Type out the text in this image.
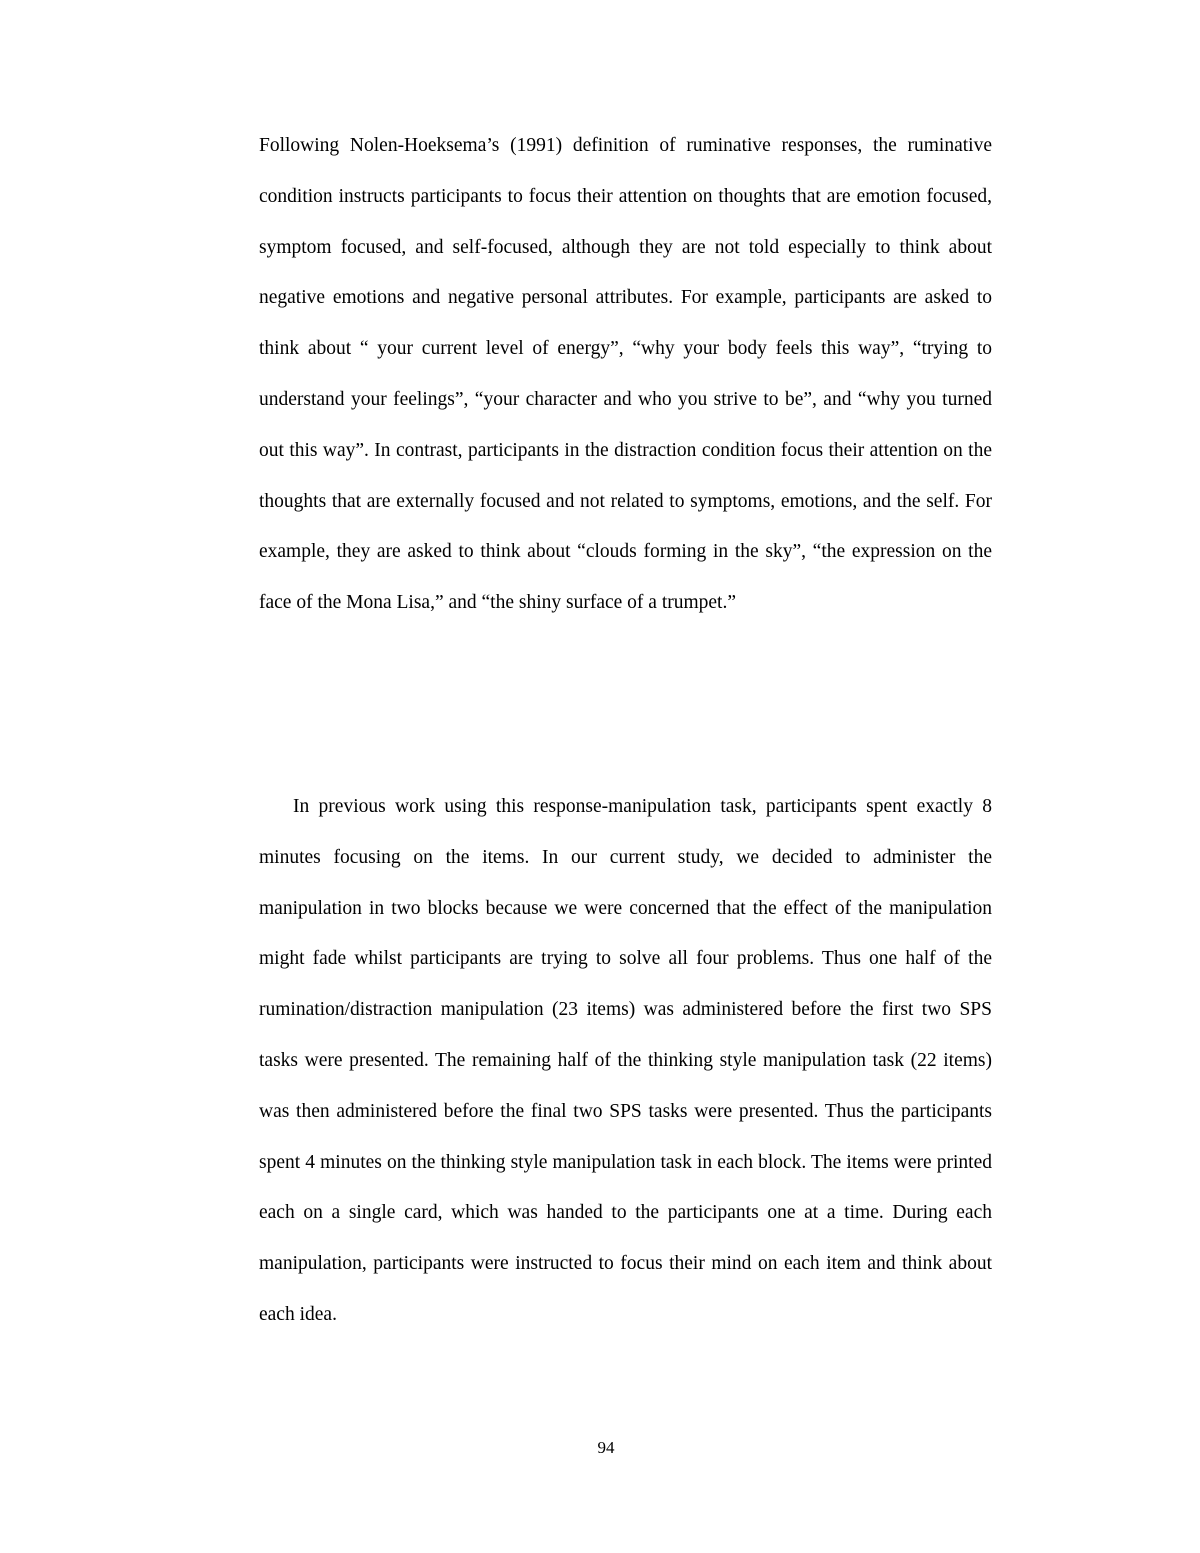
Following Nolen-Hoeksema’s (1991) definition of ruminative responses, the ruminative condition instructs participants to focus their attention on thoughts that are emotion focused, symptom focused, and self-focused, although they are not told especially to think about negative emotions and negative personal attributes. For example, participants are asked to think about “ your current level of energy”, “why your body feels this way”, “trying to understand your feelings”, “your character and who you strive to be”, and “why you turned out this way”. In contrast, participants in the distraction condition focus their attention on the thoughts that are externally focused and not related to symptoms, emotions, and the self. For example, they are asked to think about “clouds forming in the sky”, “the expression on the face of the Mona Lisa,” and “the shiny surface of a trumpet.”

In previous work using this response-manipulation task, participants spent exactly 8 minutes focusing on the items. In our current study, we decided to administer the manipulation in two blocks because we were concerned that the effect of the manipulation might fade whilst participants are trying to solve all four problems. Thus one half of the rumination/distraction manipulation (23 items) was administered before the first two SPS tasks were presented. The remaining half of the thinking style manipulation task (22 items) was then administered before the final two SPS tasks were presented. Thus the participants spent 4 minutes on the thinking style manipulation task in each block. The items were printed each on a single card, which was handed to the participants one at a time. During each manipulation, participants were instructed to focus their mind on each item and think about each idea.

94
